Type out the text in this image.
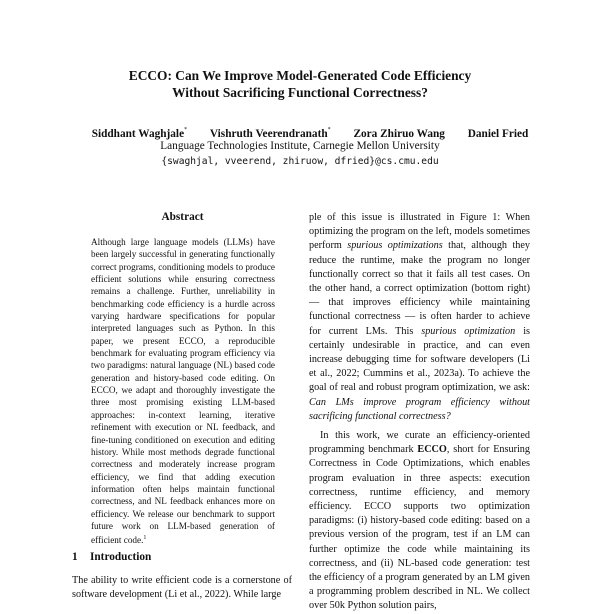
ECCO: Can We Improve Model-Generated Code Efficiency
Without Sacrificing Functional Correctness?
Siddhant Waghjale* Vishruth Veerendranath* Zora Zhiruo Wang Daniel Fried
Language Technologies Institute, Carnegie Mellon University
{swaghjal, vveerend, zhiruow, dfried}@cs.cmu.edu
Abstract
Although large language models (LLMs) have been largely successful in generating functionally correct programs, conditioning models to produce efficient solutions while ensuring correctness remains a challenge. Further, unreliability in benchmarking code efficiency is a hurdle across varying hardware specifications for popular interpreted languages such as Python. In this paper, we present ECCO, a reproducible benchmark for evaluating program efficiency via two paradigms: natural language (NL) based code generation and history-based code editing. On ECCO, we adapt and thoroughly investigate the three most promising existing LLM-based approaches: in-context learning, iterative refinement with execution or NL feedback, and fine-tuning conditioned on execution and editing history. While most methods degrade functional correctness and moderately increase program efficiency, we find that adding execution information often helps maintain functional correctness, and NL feedback enhances more on efficiency. We release our benchmark to support future work on LLM-based generation of efficient code.$^1$
1 Introduction
The ability to write efficient code is a cornerstone of software development (Li et al., 2022). While large

ple of this issue is illustrated in Figure 1: When optimizing the program on the left, models sometimes perform spurious optimizations that, although they reduce the runtime, make the program no longer functionally correct so that it fails all test cases. On the other hand, a correct optimization (bottom right) — that improves efficiency while maintaining functional correctness — is often harder to achieve for current LMs. This spurious optimization is certainly undesirable in practice, and can even increase debugging time for software developers (Li et al., 2022; Cummins et al., 2023a). To achieve the goal of real and robust program optimization, we ask: Can LMs improve program efficiency without sacrificing functional correctness?

In this work, we curate an efficiency-oriented programming benchmark ECCO, short for Ensuring Correctness in Code Optimizations, which enables program evaluation in three aspects: execution correctness, runtime efficiency, and memory efficiency. ECCO supports two optimization paradigms: (i) history-based code editing: based on a previous version of the program, test if an LM can further optimize the code while maintaining its correctness, and (ii) NL-based code generation: test the efficiency of a program generated by an LM given a programming problem described in NL. We collect over 50k Python solution pairs,
